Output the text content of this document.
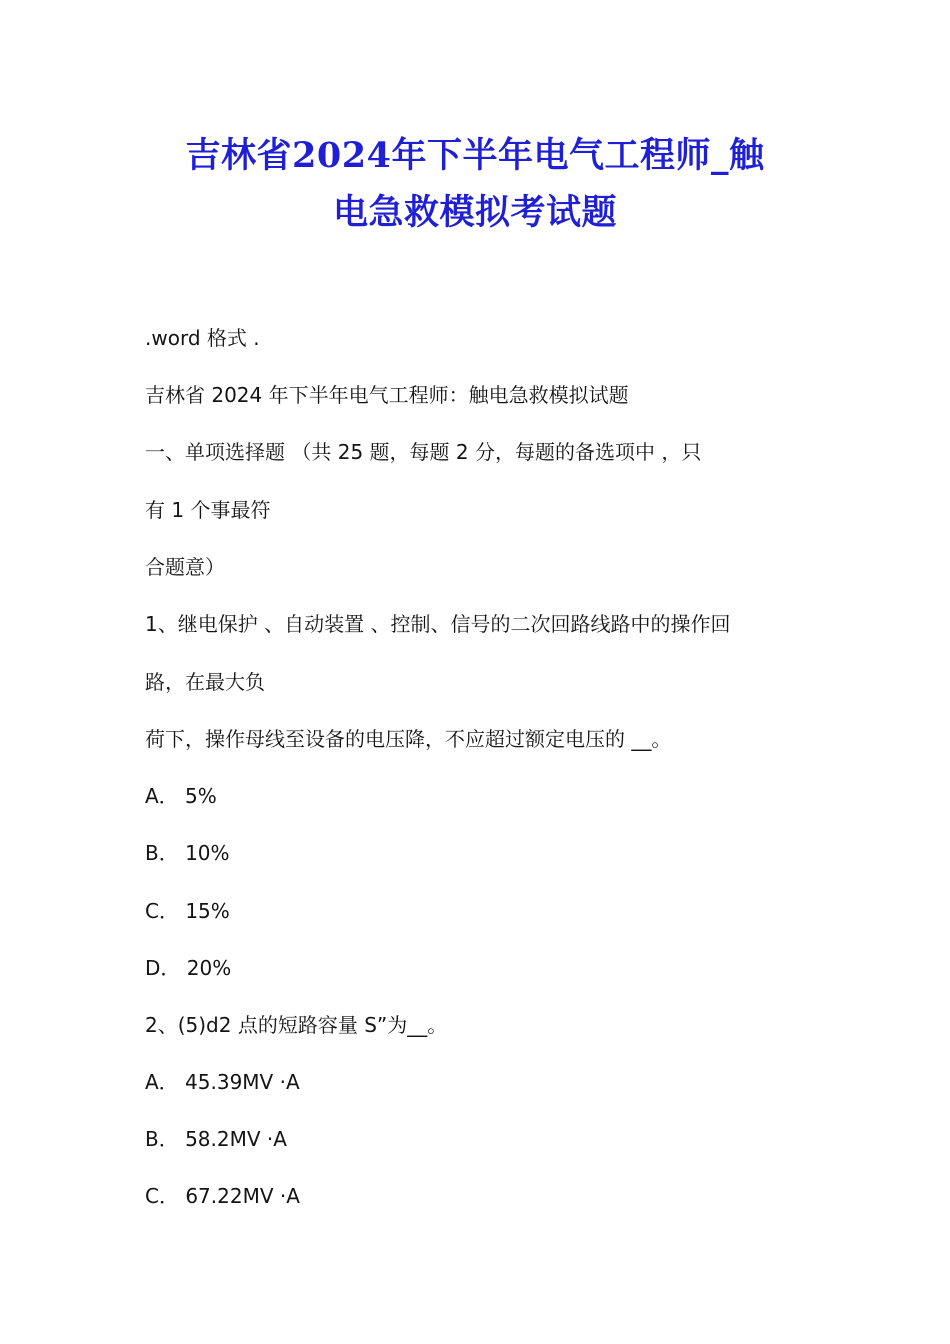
吉林省2024年下半年电气工程师_触
电急救模拟考试题
.word 格式 .
吉林省 2024 年下半年电气工程师：触电急救模拟试题
一、单项选择题 （共 25 题，每题 2 分，每题的备选项中 ，只
有 1 个事最符
合题意）
1、继电保护 、自动装置 、控制、信号的二次回路线路中的操作回
路，在最大负
荷下，操作母线至设备的电压降，不应超过额定电压的 __。
A． 5%
B． 10%
C． 15%
D． 20%
2、(5)d2 点的短路容量 S”为__。
A． 45.39MV ·A
B． 58.2MV ·A
C． 67.22MV ·A
